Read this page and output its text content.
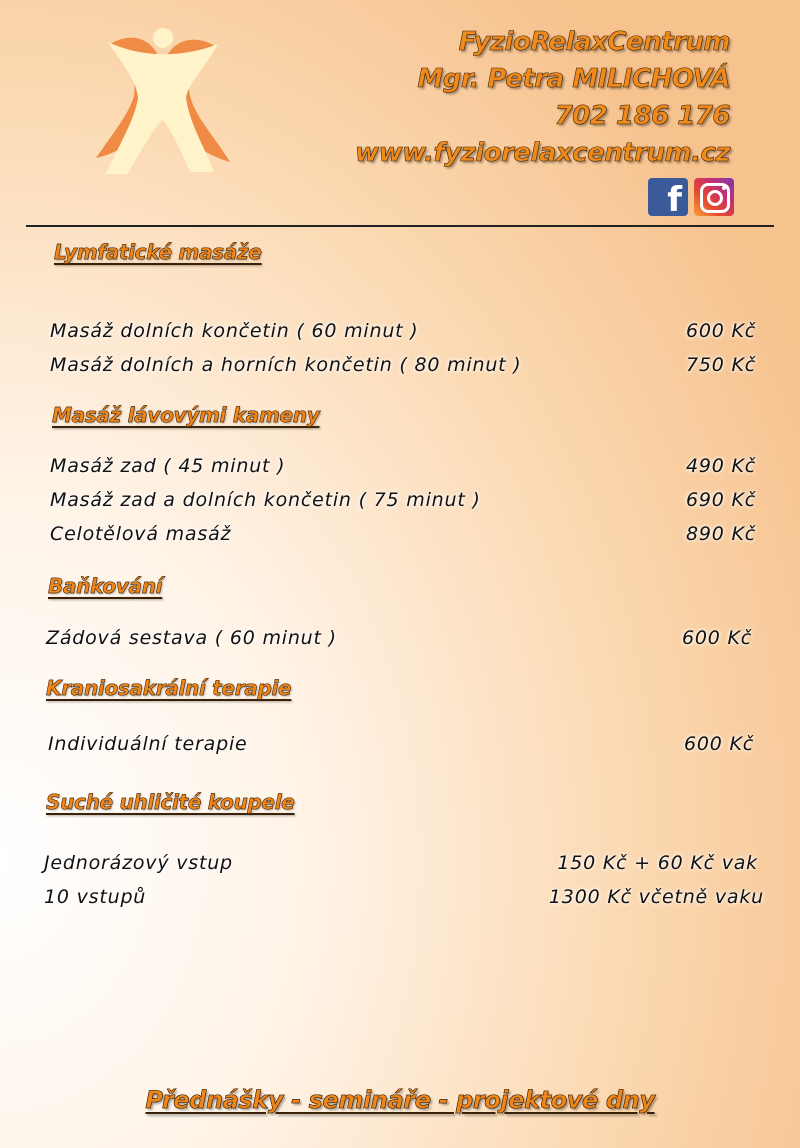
FyzioRelaxCentrum
Mgr. Petra MILICHOVÁ
702 186 176
www.fyziorelaxcentrum.cz
f
Lymfatické masáže
Masáž dolních končetin ( 60 minut )	600 Kč
Masáž dolních a horních končetin ( 80 minut )	750 Kč
Masáž lávovými kameny
Masáž zad ( 45 minut )	490 Kč
Masáž zad a dolních končetin ( 75 minut )	690 Kč
Celotělová masáž	890 Kč
Baňkování
Zádová sestava ( 60 minut )	600 Kč
Kraniosakrální terapie
Individuální terapie	600 Kč
Suché uhličité koupele
Jednorázový vstup	150 Kč + 60 Kč vak
10 vstupů	1300 Kč včetně vaku
Přednášky - semináře - projektové dny
